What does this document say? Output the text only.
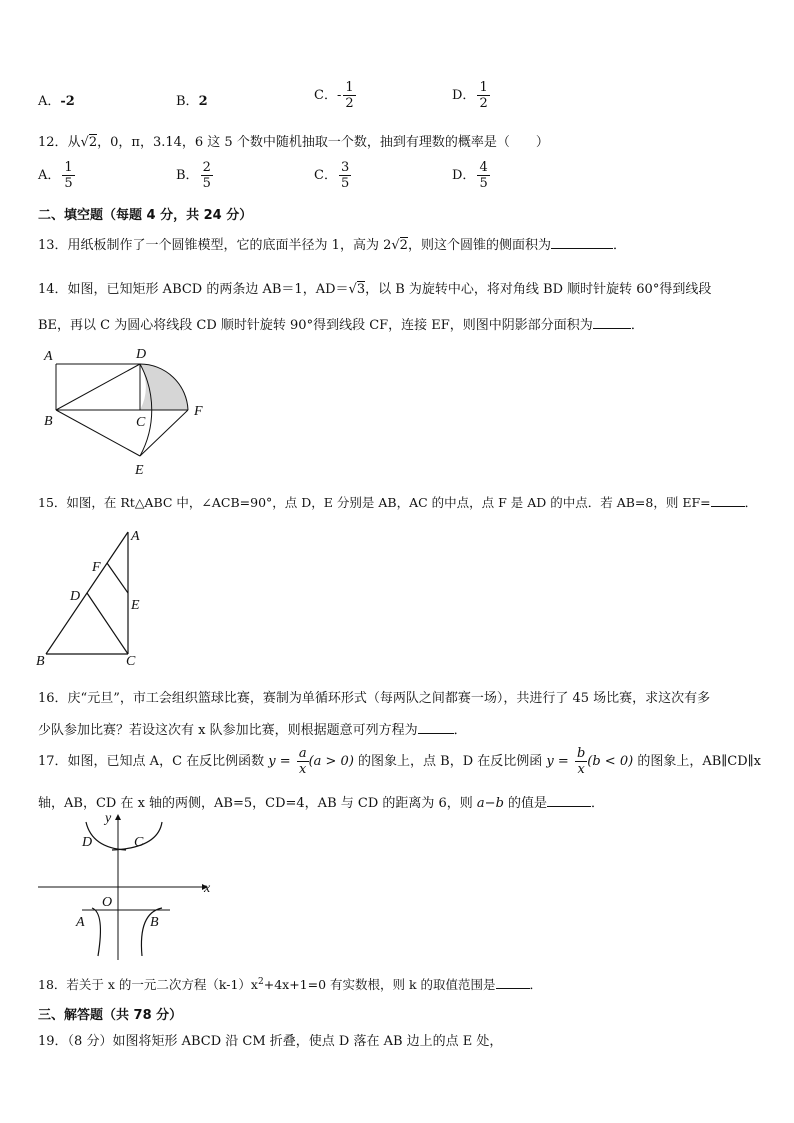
A．-2	B．2	C．- $\frac{1}{2}$	D． $\frac{1}{2}$
12．从√2，0，π，3.14，6 这 5 个数中随机抽取一个数，抽到有理数的概率是（　　）
A． $\frac{1}{5}$	B． $\frac{2}{5}$	C． $\frac{3}{5}$	D． $\frac{4}{5}$
二、填空题（每题 4 分，共 24 分）
13．用纸板制作了一个圆锥模型，它的底面半径为 1，高为 2√2，则这个圆锥的侧面积为	．
14．如图，已知矩形 ABCD 的两条边 AB＝1，AD＝√3，以 B 为旋转中心，将对角线 BD 顺时针旋转 60°得到线段
BE，再以 C 为圆心将线段 CD 顺时针旋转 90°得到线段 CF，连接 EF，则图中阴影部分面积为	．
A	D
B	C
F
E
15．如图，在 Rt△ABC 中，∠ACB=90°，点 D，E 分别是 AB，AC 的中点，点 F 是 AD 的中点．若 AB=8，则 EF=	．
A
F
D
E
B	C
16．庆“元旦”，市工会组织篮球比赛，赛制为单循环形式（每两队之间都赛一场），共进行了 45 场比赛，求这次有多
少队参加比赛？若设这次有 x 队参加比赛，则根据题意可列方程为	．
17．如图，已知点 A，C 在反比例函数 $y = \frac{a}{x} (a > 0)$ 的图象上，点 B，D 在反比例函 $y = \frac{b}{x} (b < 0)$ 的图象上，AB∥CD∥x
轴，AB，CD 在 x 轴的两侧，AB=5，CD=4，AB 与 CD 的距离为 6，则 a−b 的值是	．
y
x
O
D	C
A	B
18．若关于 x 的一元二次方程$(k-1)x^2+4x+1=0$ 有实数根，则 k 的取值范围是	．
三、解答题（共 78 分）
19．（8 分）如图将矩形 ABCD 沿 CM 折叠，使点 D 落在 AB 边上的点 E 处，
